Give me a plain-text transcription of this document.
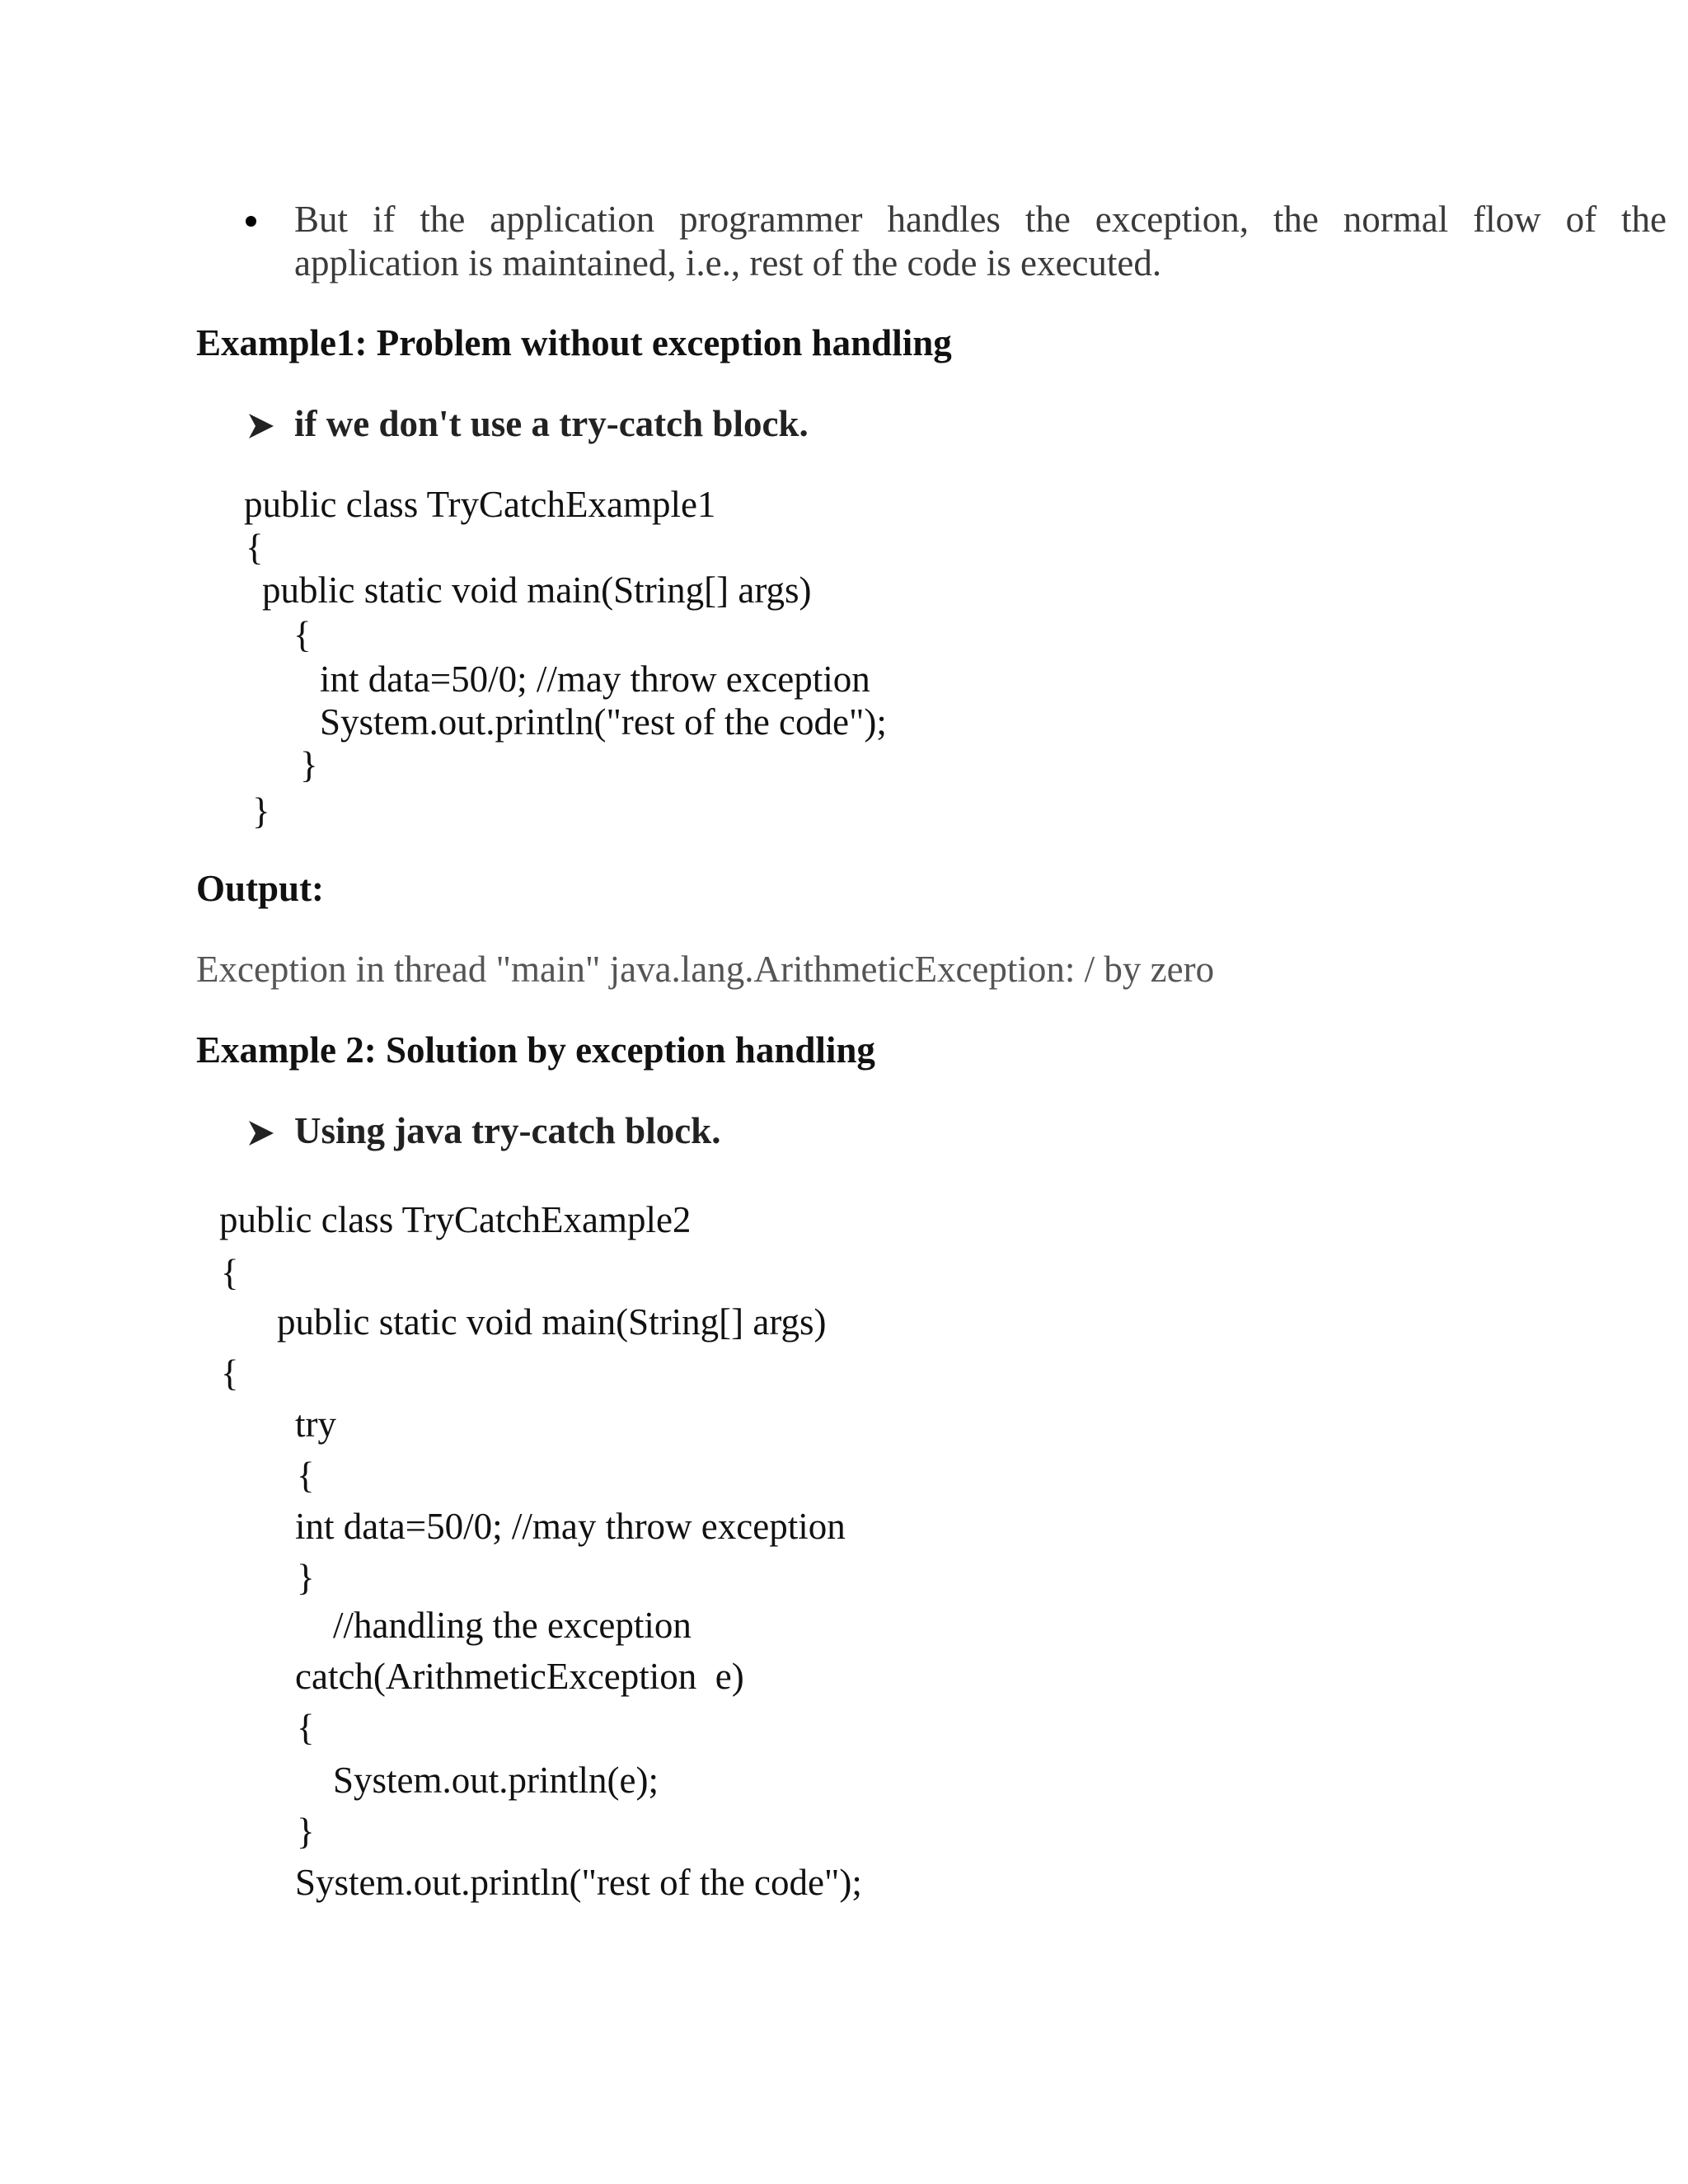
But if the application programmer handles the exception, the normal flow of the
application is maintained, i.e., rest of the code is executed.
Example1: Problem without exception handling
if we don't use a try-catch block.
public class TryCatchExample1
{
public static void main(String[] args)
{
int data=50/0; //may throw exception
System.out.println("rest of the code");
}
}
Output:
Exception in thread "main" java.lang.ArithmeticException: / by zero
Example 2: Solution by exception handling
Using java try-catch block.
public class TryCatchExample2
{
public static void main(String[] args)
{
try
{
int data=50/0; //may throw exception
}
//handling the exception
catch(ArithmeticException  e)
{
System.out.println(e);
}
System.out.println("rest of the code");
